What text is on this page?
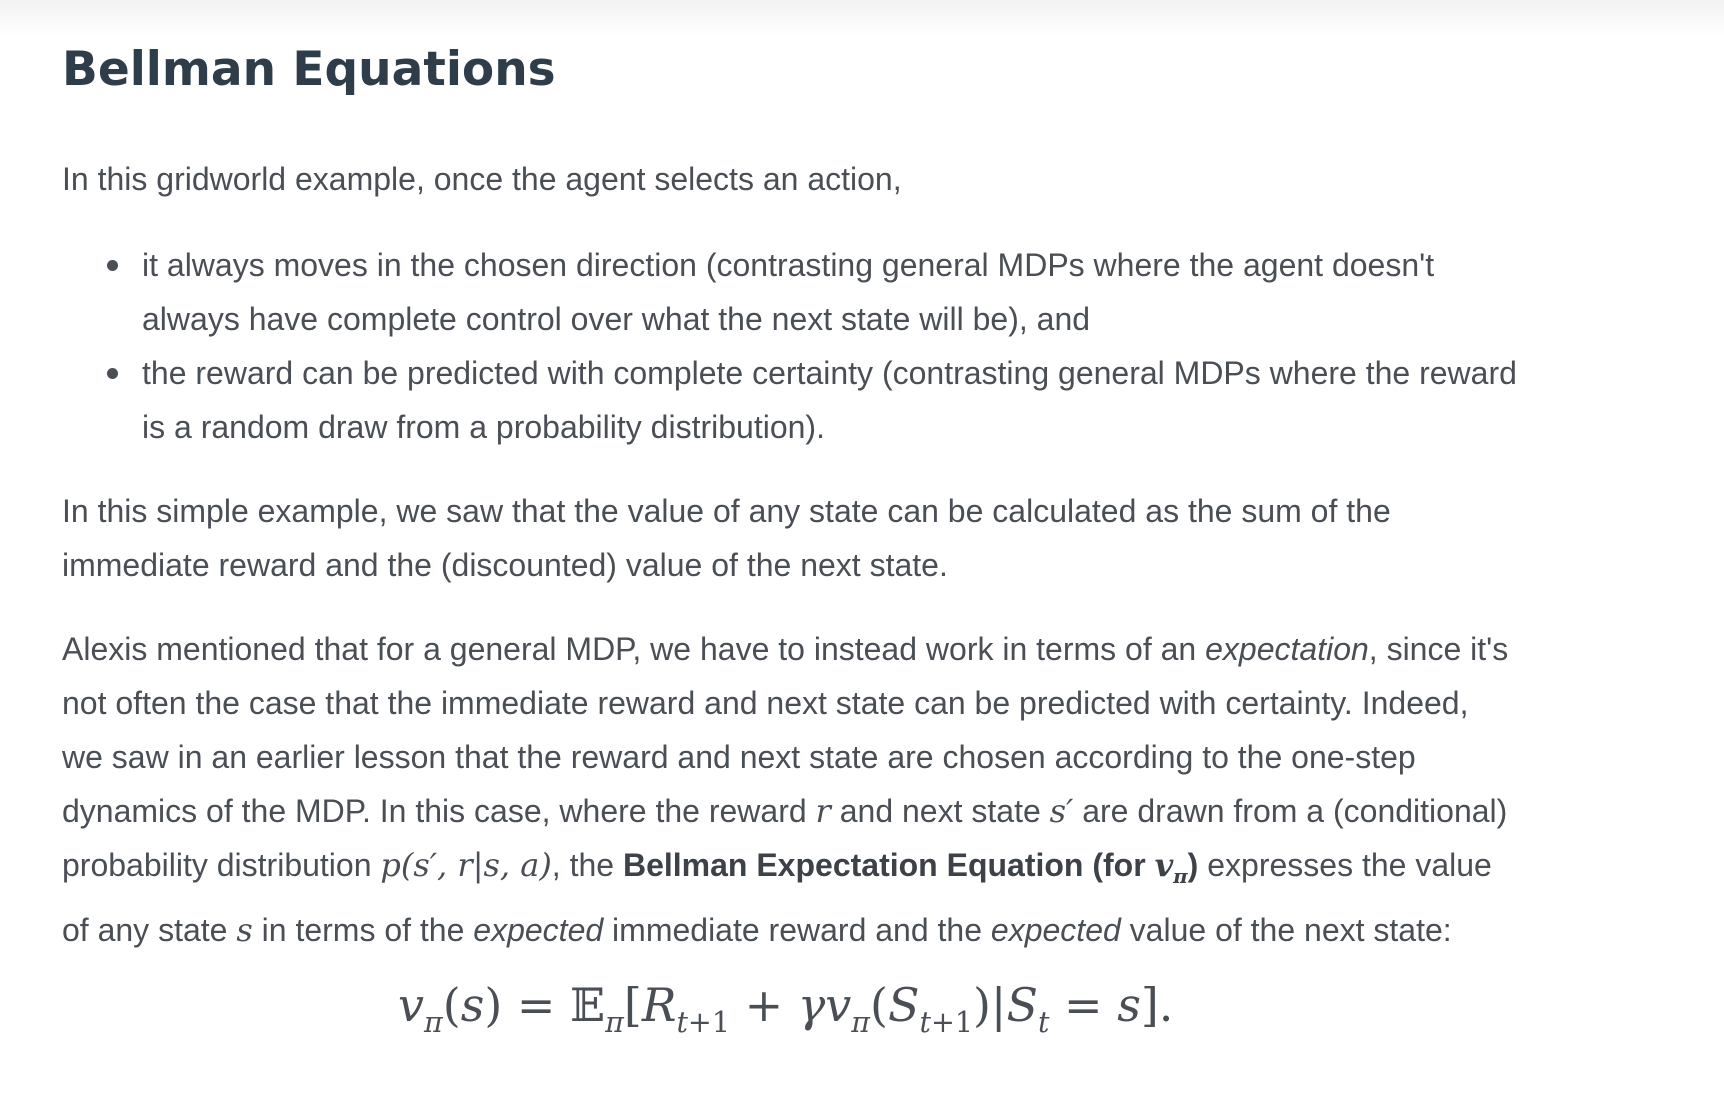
Bellman Equations

In this gridworld example, once the agent selects an action,

it always moves in the chosen direction (contrasting general MDPs where the agent doesn't
always have complete control over what the next state will be), and
the reward can be predicted with complete certainty (contrasting general MDPs where the reward
is a random draw from a probability distribution).

In this simple example, we saw that the value of any state can be calculated as the sum of the
immediate reward and the (discounted) value of the next state.

Alexis mentioned that for a general MDP, we have to instead work in terms of an expectation, since it's
not often the case that the immediate reward and next state can be predicted with certainty. Indeed,
we saw in an earlier lesson that the reward and next state are chosen according to the one-step
dynamics of the MDP. In this case, where the reward r and next state s′ are drawn from a (conditional)
probability distribution p(s′, r|s, a), the Bellman Expectation Equation (for $v_\pi$) expresses the value
of any state s in terms of the expected immediate reward and the expected value of the next state:

$v_\pi(s)$ = $𝔼_\pi[R_{t+1} + \gamma v_\pi(S_{t+1})|S_t = s]$.
